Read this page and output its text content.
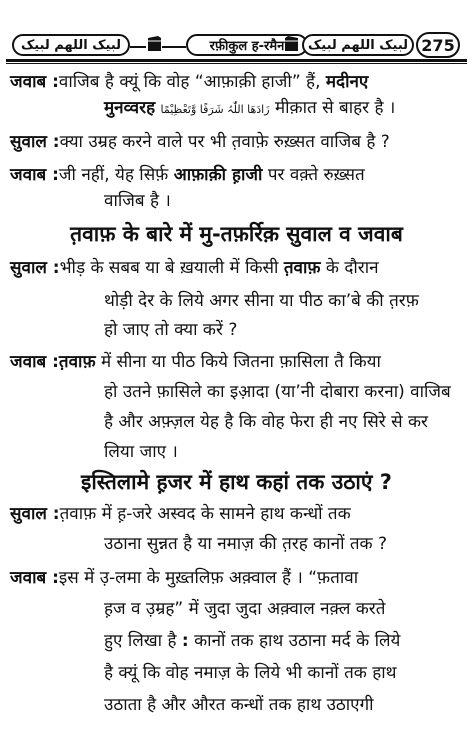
لبیک اللھم لبیک	रफ़ीकुल ह-रमैन	لبیک اللھم لبیک 275
जवाब :वाजिब है क्यूं कि वोह “आफ़ाक़ी हाजी” हैं, मदीनए
मुनव्वरह زَادَھَا اللّٰہُ شَرَفًا وَّتَعْظِیْمًا मीक़ात से बाहर है ।
सुवाल :क्या उम्रह करने वाले पर भी त़वाफ़े रुख़्सत वाजिब है ?
जवाब :जी नहीं, येह सिर्फ़ आफ़ाक़ी ह़ाजी पर वक़्ते रुख़्सत
वाजिब है ।
त़वाफ़ के बारे में मु-तफ़र्रिक़ सुवाल व जवाब
सुवाल :भीड़ के सबब या बे ख़याली में किसी त़वाफ़ के दौरान
थोड़ी देर के लिये अगर सीना या पीठ का’बे की त़रफ़
हो जाए तो क्या करें ?
जवाब :त़वाफ़ में सीना या पीठ किये जितना फ़ासिला तै किया
हो उतने फ़ासिले का इआ़दा (या’नी दोबारा करना) वाजिब
है और अफ़्ज़ल येह है कि वोह फेरा ही नए सिरे से कर
लिया जाए ।
इस्तिलामे ह़जर में हाथ कहां तक उठाएं ?
सुवाल :त़वाफ़ में ह़-जरे अस्वद के सामने हाथ कन्धों तक
उठाना सुन्नत है या नमाज़ की त़रह कानों तक ?
जवाब :इस में उ़-लमा के मुख़्तलिफ़ अक़्वाल हैं । “फ़तावा
ह़ज व उ़म्रह” में जुदा जुदा अक़्वाल नक़्ल करते
हुए लिखा है : कानों तक हाथ उठाना मर्द के लिये
है क्यूं कि वोह नमाज़ के लिये भी कानों तक हाथ
उठाता है और औरत कन्धों तक हाथ उठाएगी
